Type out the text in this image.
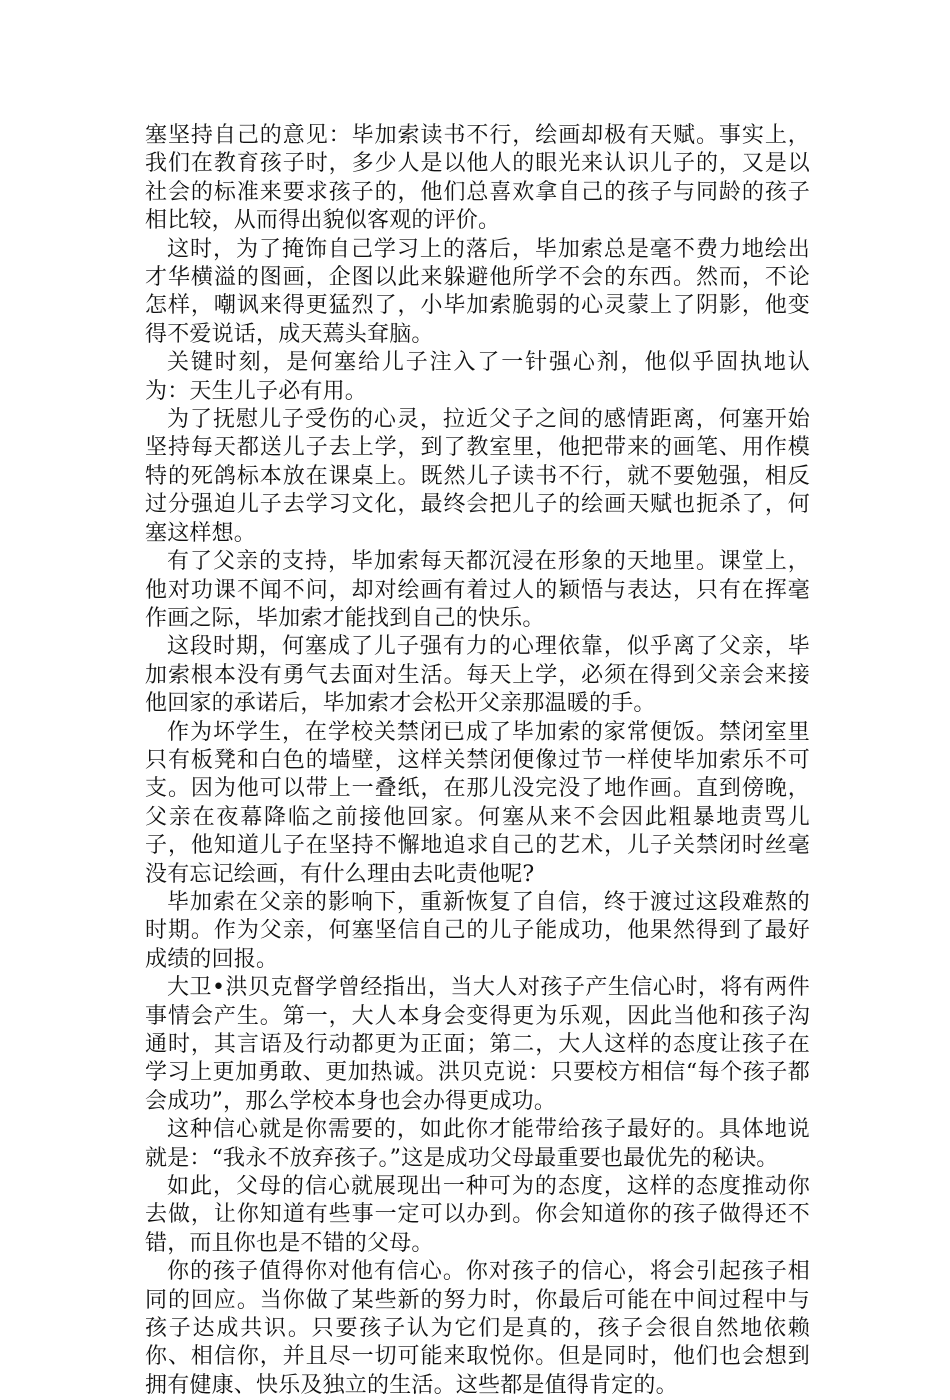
塞坚持自己的意见：毕加索读书不行，绘画却极有天赋。事实上，我们在教育孩子时，多少人是以他人的眼光来认识儿子的，又是以社会的标准来要求孩子的，他们总喜欢拿自己的孩子与同龄的孩子相比较，从而得出貌似客观的评价。

这时，为了掩饰自己学习上的落后，毕加索总是毫不费力地绘出才华横溢的图画，企图以此来躲避他所学不会的东西。然而，不论怎样，嘲讽来得更猛烈了，小毕加索脆弱的心灵蒙上了阴影，他变得不爱说话，成天蔫头耷脑。

关键时刻，是何塞给儿子注入了一针强心剂，他似乎固执地认为：天生儿子必有用。

为了抚慰儿子受伤的心灵，拉近父子之间的感情距离，何塞开始坚持每天都送儿子去上学，到了教室里，他把带来的画笔、用作模特的死鸽标本放在课桌上。既然儿子读书不行，就不要勉强，相反过分强迫儿子去学习文化，最终会把儿子的绘画天赋也扼杀了，何塞这样想。

有了父亲的支持，毕加索每天都沉浸在形象的天地里。课堂上，他对功课不闻不问，却对绘画有着过人的颖悟与表达，只有在挥毫作画之际，毕加索才能找到自己的快乐。

这段时期，何塞成了儿子强有力的心理依靠，似乎离了父亲，毕加索根本没有勇气去面对生活。每天上学，必须在得到父亲会来接他回家的承诺后，毕加索才会松开父亲那温暖的手。

作为坏学生，在学校关禁闭已成了毕加索的家常便饭。禁闭室里只有板凳和白色的墙壁，这样关禁闭便像过节一样使毕加索乐不可支。因为他可以带上一叠纸，在那儿没完没了地作画。直到傍晚，父亲在夜幕降临之前接他回家。何塞从来不会因此粗暴地责骂儿子，他知道儿子在坚持不懈地追求自己的艺术，儿子关禁闭时丝毫没有忘记绘画，有什么理由去叱责他呢?

毕加索在父亲的影响下，重新恢复了自信，终于渡过这段难熬的时期。作为父亲，何塞坚信自己的儿子能成功，他果然得到了最好成绩的回报。

大卫•洪贝克督学曾经指出，当大人对孩子产生信心时，将有两件事情会产生。第一，大人本身会变得更为乐观，因此当他和孩子沟通时，其言语及行动都更为正面；第二，大人这样的态度让孩子在学习上更加勇敢、更加热诚。洪贝克说：只要校方相信“每个孩子都会成功”，那么学校本身也会办得更成功。

这种信心就是你需要的，如此你才能带给孩子最好的。具体地说就是：“我永不放弃孩子。”这是成功父母最重要也最优先的秘诀。

如此，父母的信心就展现出一种可为的态度，这样的态度推动你去做，让你知道有些事一定可以办到。你会知道你的孩子做得还不错，而且你也是不错的父母。

你的孩子值得你对他有信心。你对孩子的信心，将会引起孩子相同的回应。当你做了某些新的努力时，你最后可能在中间过程中与孩子达成共识。只要孩子认为它们是真的，孩子会很自然地依赖你、相信你，并且尽一切可能来取悦你。但是同时，他们也会想到拥有健康、快乐及独立的生活。这些都是值得肯定的。
